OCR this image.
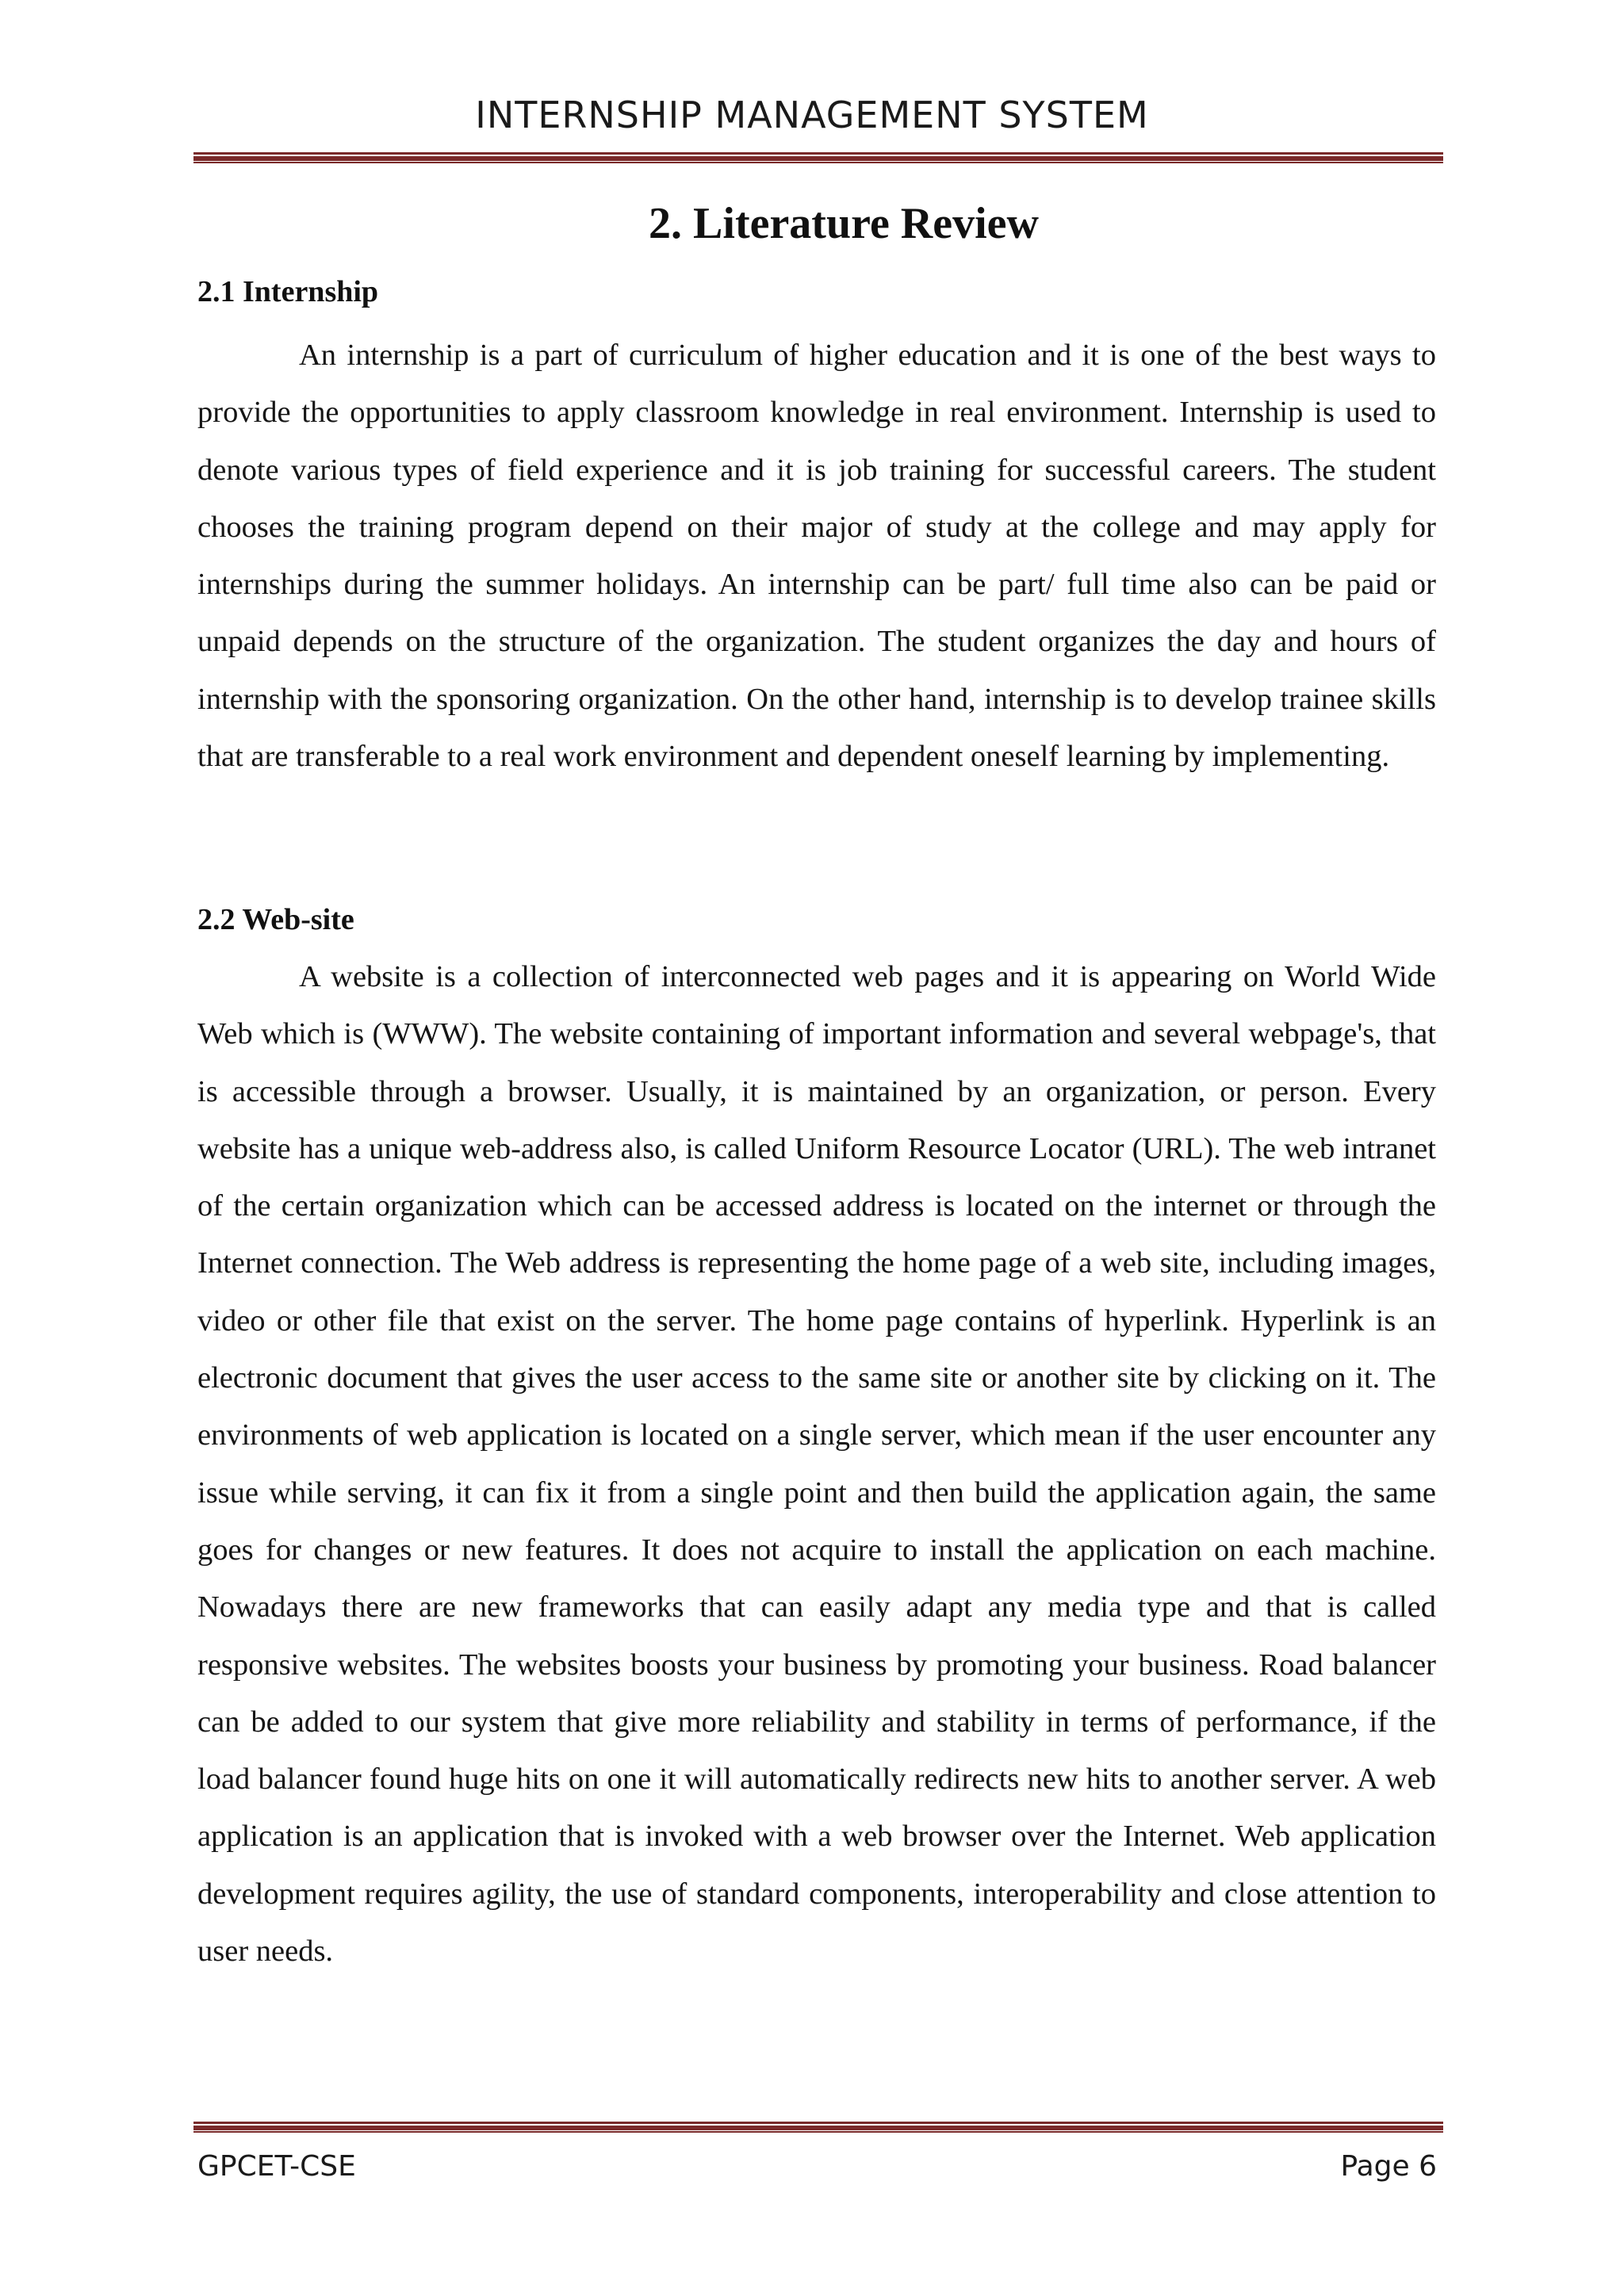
INTERNSHIP MANAGEMENT SYSTEM
2. Literature Review
2.1 Internship
An internship is a part of curriculum of higher education and it is one of the best ways to provide the opportunities to apply classroom knowledge in real environment. Internship is used to denote various types of field experience and it is job training for successful careers. The student chooses the training program depend on their major of study at the college and may apply for internships during the summer holidays. An internship can be part/ full time also can be paid or unpaid depends on the structure of the organization. The student organizes the day and hours of internship with the sponsoring organization. On the other hand, internship is to develop trainee skills that are transferable to a real work environment and dependent oneself learning by implementing.
2.2 Web-site
A website is a collection of interconnected web pages and it is appearing on World Wide Web which is (WWW). The website containing of important information and several webpage's, that is accessible through a browser. Usually, it is maintained by an organization, or person. Every website has a unique web-address also, is called Uniform Resource Locator (URL). The web intranet of the certain organization which can be accessed address is located on the internet or through the Internet connection. The Web address is representing the home page of a web site, including images, video or other file that exist on the server. The home page contains of hyperlink. Hyperlink is an electronic document that gives the user access to the same site or another site by clicking on it. The environments of web application is located on a single server, which mean if the user encounter any issue while serving, it can fix it from a single point and then build the application again, the same goes for changes or new features. It does not acquire to install the application on each machine. Nowadays there are new frameworks that can easily adapt any media type and that is called responsive websites. The websites boosts your business by promoting your business. Road balancer can be added to our system that give more reliability and stability in terms of performance, if the load balancer found huge hits on one it will automatically redirects new hits to another server. A web application is an application that is invoked with a web browser over the Internet. Web application development requires agility, the use of standard components, interoperability and close attention to user needs.
GPCET-CSE	Page 6
